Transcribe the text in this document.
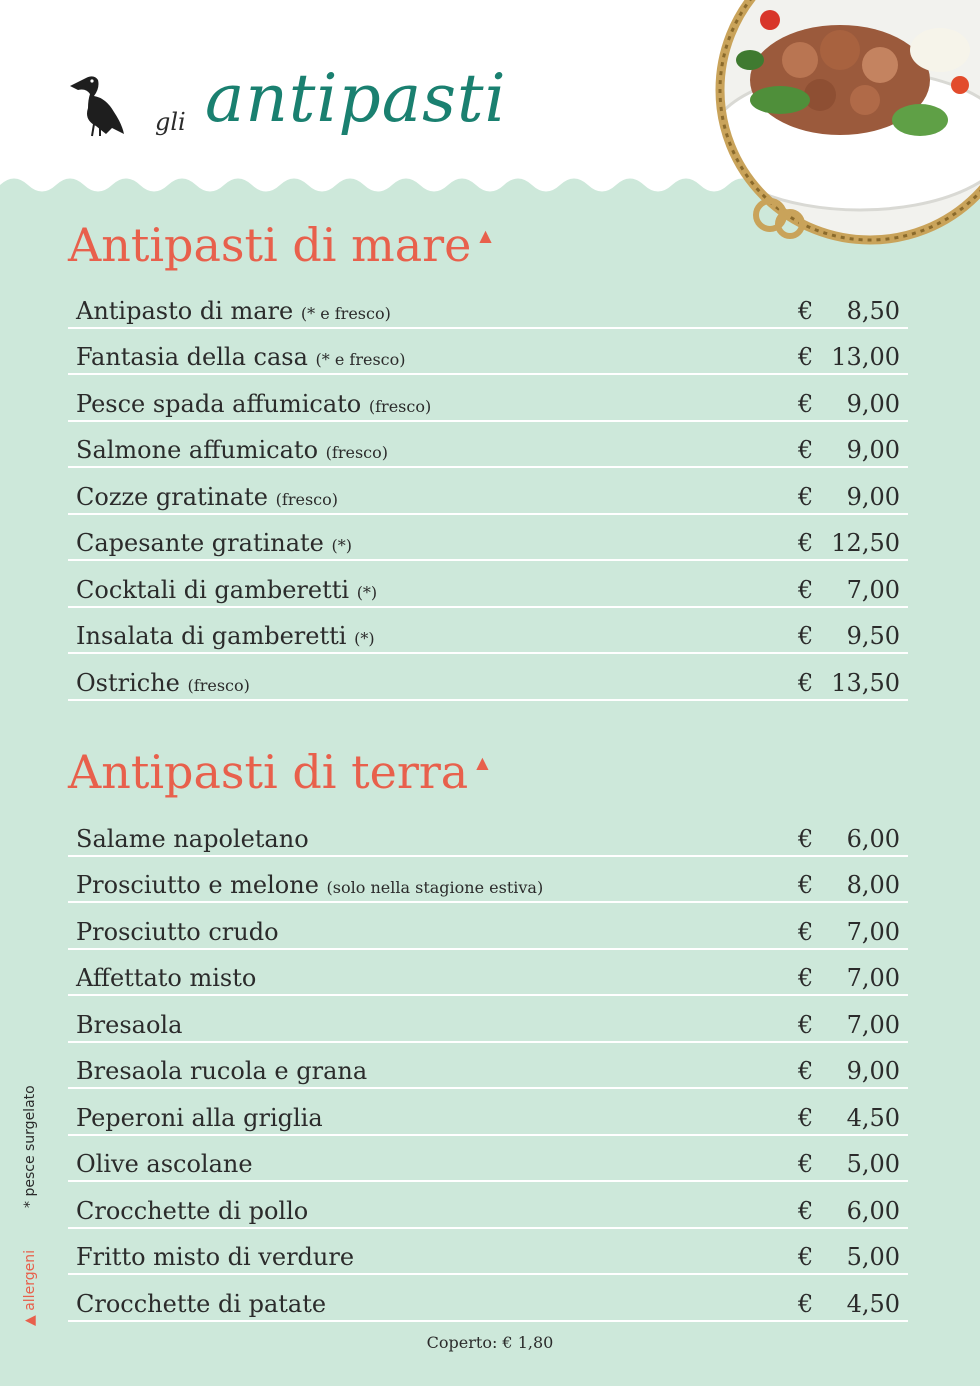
gli antipasti
Antipasti di mare ▲
Antipasto di mare (* e fresco)	€ 8,50
Fantasia della casa (* e fresco)	€ 13,00
Pesce spada affumicato (fresco)	€ 9,00
Salmone affumicato (fresco)	€ 9,00
Cozze gratinate (fresco)	€ 9,00
Capesante gratinate (*)	€ 12,50
Cocktali di gamberetti (*)	€ 7,00
Insalata di gamberetti (*)	€ 9,50
Ostriche (fresco)	€ 13,50
Antipasti di terra ▲
Salame napoletano	€ 6,00
Prosciutto e melone (solo nella stagione estiva)	€ 8,00
Prosciutto crudo	€ 7,00
Affettato misto	€ 7,00
Bresaola	€ 7,00
Bresaola rucola e grana	€ 9,00
Peperoni alla griglia	€ 4,50
Olive ascolane	€ 5,00
Crocchette di pollo	€ 6,00
Fritto misto di verdure	€ 5,00
Crocchette di patate	€ 4,50
▲ allergeni
* pesce surgelato
Coperto: € 1,80
